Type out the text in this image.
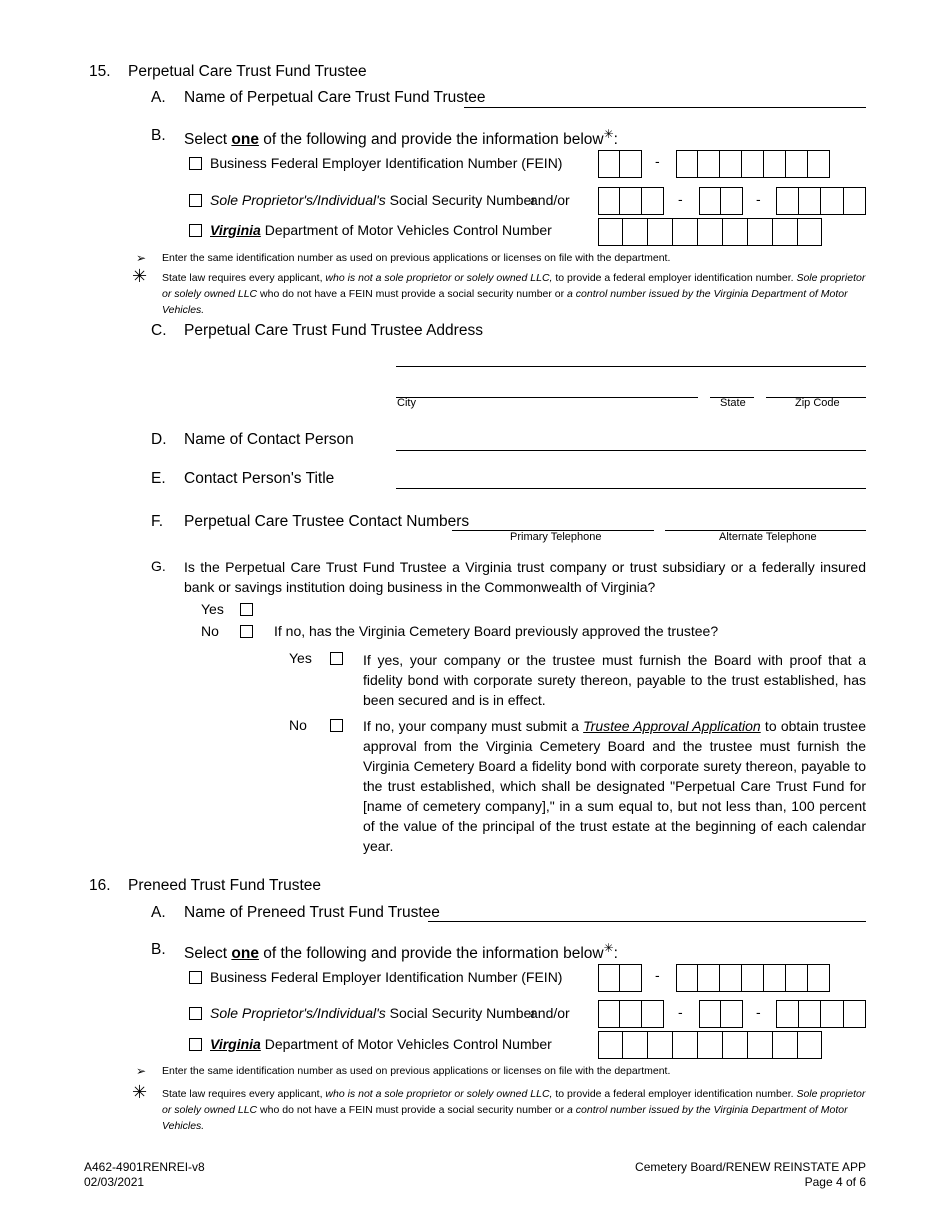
15. Perpetual Care Trust Fund Trustee
A. Name of Perpetual Care Trust Fund Trustee
B. Select one of the following and provide the information below✳:
Business Federal Employer Identification Number (FEIN)	-
Sole Proprietor's/Individual's Social Security Number
and/or	-	-
Virginia Department of Motor Vehicles Control Number
➢ Enter the same identification number as used on previous applications or licenses on file with the department.
✳ State law requires every applicant, who is not a sole proprietor or solely owned LLC, to provide a federal employer identification number. Sole proprietor or solely owned LLC who do not have a FEIN must provide a social security number or a control number issued by the Virginia Department of Motor Vehicles.
C. Perpetual Care Trust Fund Trustee Address
City	State	Zip Code
D. Name of Contact Person
E. Contact Person's Title
F. Perpetual Care Trustee Contact Numbers
Primary Telephone	Alternate Telephone
G. Is the Perpetual Care Trust Fund Trustee a Virginia trust company or trust subsidiary or a federally insured bank or savings institution doing business in the Commonwealth of Virginia?
Yes
No	If no, has the Virginia Cemetery Board previously approved the trustee?
Yes	If yes, your company or the trustee must furnish the Board with proof that a fidelity bond with corporate surety thereon, payable to the trust established, has been secured and is in effect.
No	If no, your company must submit a Trustee Approval Application to obtain trustee approval from the Virginia Cemetery Board and the trustee must furnish the Virginia Cemetery Board a fidelity bond with corporate surety thereon, payable to the trust established, which shall be designated "Perpetual Care Trust Fund for [name of cemetery company]," in a sum equal to, but not less than, 100 percent of the value of the principal of the trust estate at the beginning of each calendar year.
16. Preneed Trust Fund Trustee
A. Name of Preneed Trust Fund Trustee
B. Select one of the following and provide the information below✳:
Business Federal Employer Identification Number (FEIN)	-
Sole Proprietor's/Individual's Social Security Number
and/or	-	-
Virginia Department of Motor Vehicles Control Number
➢ Enter the same identification number as used on previous applications or licenses on file with the department.
✳ State law requires every applicant, who is not a sole proprietor or solely owned LLC, to provide a federal employer identification number. Sole proprietor or solely owned LLC who do not have a FEIN must provide a social security number or a control number issued by the Virginia Department of Motor Vehicles.
A462-4901RENREI-v8
02/03/2021
Cemetery Board/RENEW REINSTATE APP
Page 4 of 6
